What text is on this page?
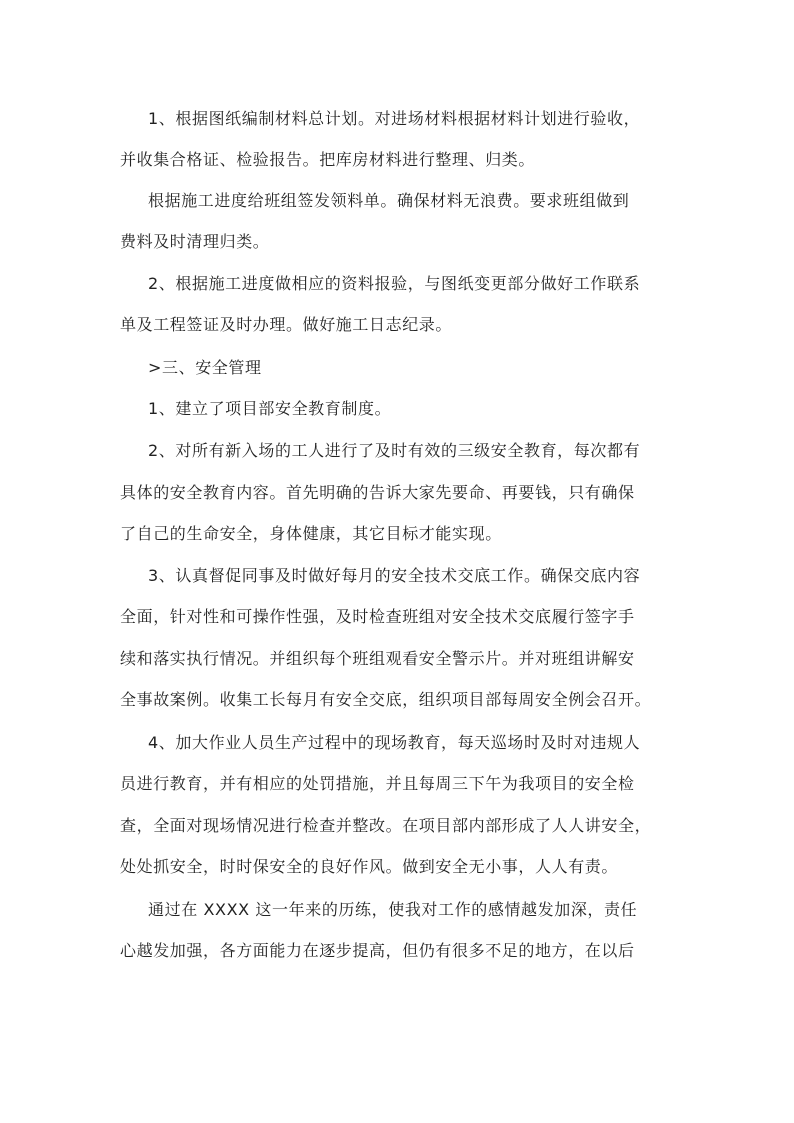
1、根据图纸编制材料总计划。对进场材料根据材料计划进行验收，
并收集合格证、检验报告。把库房材料进行整理、归类。
根据施工进度给班组签发领料单。确保材料无浪费。要求班组做到
费料及时清理归类。
2、根据施工进度做相应的资料报验，与图纸变更部分做好工作联系
单及工程签证及时办理。做好施工日志纪录。
>三、安全管理
1、建立了项目部安全教育制度。
2、对所有新入场的工人进行了及时有效的三级安全教育，每次都有
具体的安全教育内容。首先明确的告诉大家先要命、再要钱，只有确保
了自己的生命安全，身体健康，其它目标才能实现。
3、认真督促同事及时做好每月的安全技术交底工作。确保交底内容
全面，针对性和可操作性强，及时检查班组对安全技术交底履行签字手
续和落实执行情况。并组织每个班组观看安全警示片。并对班组讲解安
全事故案例。收集工长每月有安全交底，组织项目部每周安全例会召开。
4、加大作业人员生产过程中的现场教育，每天巡场时及时对违规人
员进行教育，并有相应的处罚措施，并且每周三下午为我项目的安全检
查，全面对现场情况进行检查并整改。在项目部内部形成了人人讲安全，
处处抓安全，时时保安全的良好作风。做到安全无小事，人人有责。
通过在 XXXX 这一年来的历练，使我对工作的感情越发加深，责任
心越发加强，各方面能力在逐步提高，但仍有很多不足的地方，在以后
